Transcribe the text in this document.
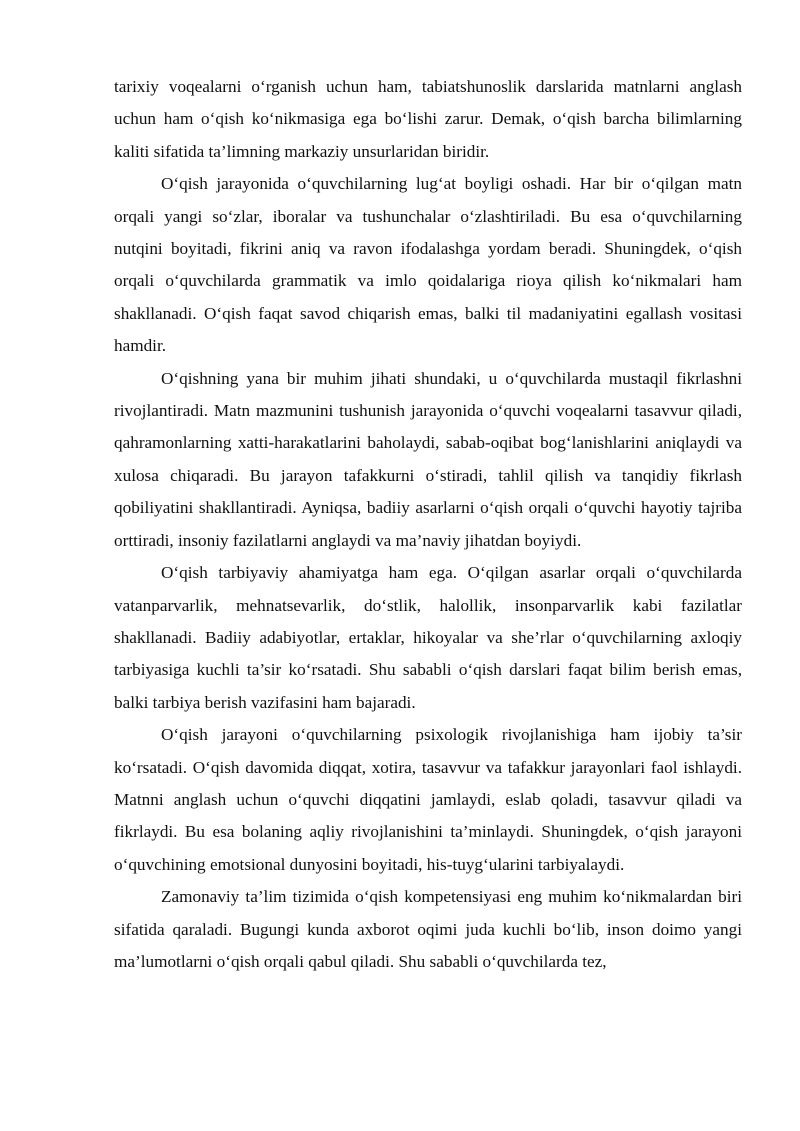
tarixiy voqealarni o‘rganish uchun ham, tabiatshunoslik darslarida matnlarni anglash uchun ham o‘qish ko‘nikmasiga ega bo‘lishi zarur. Demak, o‘qish barcha bilimlarning kaliti sifatida ta’limning markaziy unsurlaridan biridir.

O‘qish jarayonida o‘quvchilarning lug‘at boyligi oshadi. Har bir o‘qilgan matn orqali yangi so‘zlar, iboralar va tushunchalar o‘zlashtiriladi. Bu esa o‘quvchilarning nutqini boyitadi, fikrini aniq va ravon ifodalashga yordam beradi. Shuningdek, o‘qish orqali o‘quvchilarda grammatik va imlo qoidalariga rioya qilish ko‘nikmalari ham shakllanadi. O‘qish faqat savod chiqarish emas, balki til madaniyatini egallash vositasi hamdir.

O‘qishning yana bir muhim jihati shundaki, u o‘quvchilarda mustaqil fikrlashni rivojlantiradi. Matn mazmunini tushunish jarayonida o‘quvchi voqealarni tasavvur qiladi, qahramonlarning xatti-harakatlarini baholaydi, sabab-oqibat bog‘lanishlarini aniqlaydi va xulosa chiqaradi. Bu jarayon tafakkurni o‘stiradi, tahlil qilish va tanqidiy fikrlash qobiliyatini shakllantiradi. Ayniqsa, badiiy asarlarni o‘qish orqali o‘quvchi hayotiy tajriba orttiradi, insoniy fazilatlarni anglaydi va ma’naviy jihatdan boyiydi.

O‘qish tarbiyaviy ahamiyatga ham ega. O‘qilgan asarlar orqali o‘quvchilarda vatanparvarlik, mehnatsevarlik, do‘stlik, halollik, insonparvarlik kabi fazilatlar shakllanadi. Badiiy adabiyotlar, ertaklar, hikoyalar va she’rlar o‘quvchilarning axloqiy tarbiyasiga kuchli ta’sir ko‘rsatadi. Shu sababli o‘qish darslari faqat bilim berish emas, balki tarbiya berish vazifasini ham bajaradi.

O‘qish jarayoni o‘quvchilarning psixologik rivojlanishiga ham ijobiy ta’sir ko‘rsatadi. O‘qish davomida diqqat, xotira, tasavvur va tafakkur jarayonlari faol ishlaydi. Matnni anglash uchun o‘quvchi diqqatini jamlaydi, eslab qoladi, tasavvur qiladi va fikrlaydi. Bu esa bolaning aqliy rivojlanishini ta’minlaydi. Shuningdek, o‘qish jarayoni o‘quvchining emotsional dunyosini boyitadi, his-tuyg‘ularini tarbiyalaydi.

Zamonaviy ta’lim tizimida o‘qish kompetensiyasi eng muhim ko‘nikmalardan biri sifatida qaraladi. Bugungi kunda axborot oqimi juda kuchli bo‘lib, inson doimo yangi ma’lumotlarni o‘qish orqali qabul qiladi. Shu sababli o‘quvchilarda tez,
